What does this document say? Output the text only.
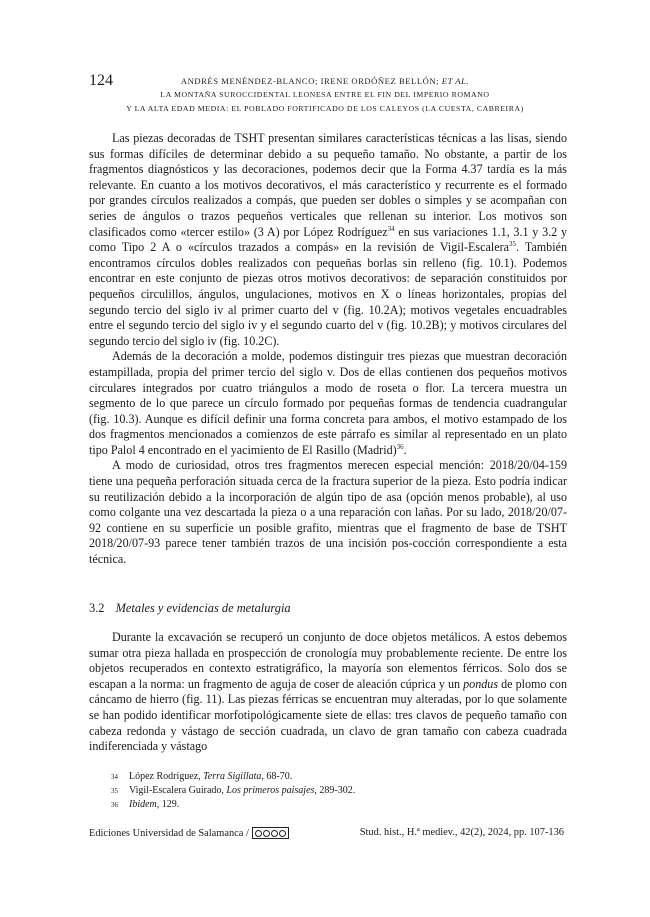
124	ANDRÉS MENÉNDEZ-BLANCO; IRENE ORDÓÑEZ BELLÓN; ET AL.
LA MONTAÑA SUROCCIDENTAL LEONESA ENTRE EL FIN DEL IMPERIO ROMANO
Y LA ALTA EDAD MEDIA: EL POBLADO FORTIFICADO DE LOS CALEYOS (LA CUESTA, CABREIRA)

Las piezas decoradas de TSHT presentan similares características técnicas a las lisas, siendo sus formas difíciles de determinar debido a su pequeño tamaño. No obstante, a partir de los fragmentos diagnósticos y las decoraciones, podemos decir que la Forma 4.37 tardía es la más relevante. En cuanto a los motivos decorativos, el más característico y recurrente es el formado por grandes círculos realizados a compás, que pueden ser dobles o simples y se acompañan con series de ángulos o trazos pequeños verticales que rellenan su interior. Los motivos son clasificados como «tercer estilo» (3 A) por López Rodríguez$^{34}$ en sus variaciones 1.1, 3.1 y 3.2 y como Tipo 2 A o «círculos trazados a compás» en la revisión de Vigil-Escalera$^{35}$. También encontramos círculos dobles realizados con pequeñas borlas sin relleno (fig. 10.1). Podemos encontrar en este conjunto de piezas otros motivos decorativos: de separación constituidos por pequeños circulillos, ángulos, ungulaciones, motivos en X o líneas horizontales, propias del segundo tercio del siglo iv al primer cuarto del v (fig. 10.2A); motivos vegetales encuadrables entre el segundo tercio del siglo iv y el segundo cuarto del v (fig. 10.2B); y motivos circulares del segundo tercio del siglo iv (fig. 10.2C).

Además de la decoración a molde, podemos distinguir tres piezas que muestran decoración estampillada, propia del primer tercio del siglo v. Dos de ellas contienen dos pequeños motivos circulares integrados por cuatro triángulos a modo de roseta o flor. La tercera muestra un segmento de lo que parece un círculo formado por pequeñas formas de tendencia cuadrangular (fig. 10.3). Aunque es difícil definir una forma concreta para ambos, el motivo estampado de los dos fragmentos mencionados a comienzos de este párrafo es similar al representado en un plato tipo Palol 4 encontrado en el yacimiento de El Rasillo (Madrid)$^{36}$.

A modo de curiosidad, otros tres fragmentos merecen especial mención: 2018/20/04-159 tiene una pequeña perforación situada cerca de la fractura superior de la pieza. Esto podría indicar su reutilización debido a la incorporación de algún tipo de asa (opción menos probable), al uso como colgante una vez descartada la pieza o a una reparación con lañas. Por su lado, 2018/20/07-92 contiene en su superficie un posible grafito, mientras que el fragmento de base de TSHT 2018/20/07-93 parece tener también trazos de una incisión pos-cocción correspondiente a esta técnica.

3.2 Metales y evidencias de metalurgia

Durante la excavación se recuperó un conjunto de doce objetos metálicos. A estos debemos sumar otra pieza hallada en prospección de cronología muy probablemente reciente. De entre los objetos recuperados en contexto estratigráfico, la mayoría son elementos férricos. Solo dos se escapan a la norma: un fragmento de aguja de coser de aleación cúprica y un pondus de plomo con cáncamo de hierro (fig. 11). Las piezas férricas se encuentran muy alteradas, por lo que solamente se han podido identificar morfotipológicamente siete de ellas: tres clavos de pequeño tamaño con cabeza redonda y vástago de sección cuadrada, un clavo de gran tamaño con cabeza cuadrada indiferenciada y vástago

34	López Rodríguez, Terra Sigillata, 68-70.
35	Vigil-Escalera Guirado, Los primeros paisajes, 289-302.
36	Ibidem, 129.
Ediciones Universidad de Salamanca /	Stud. hist., H.ª mediev., 42(2), 2024, pp. 107-136
